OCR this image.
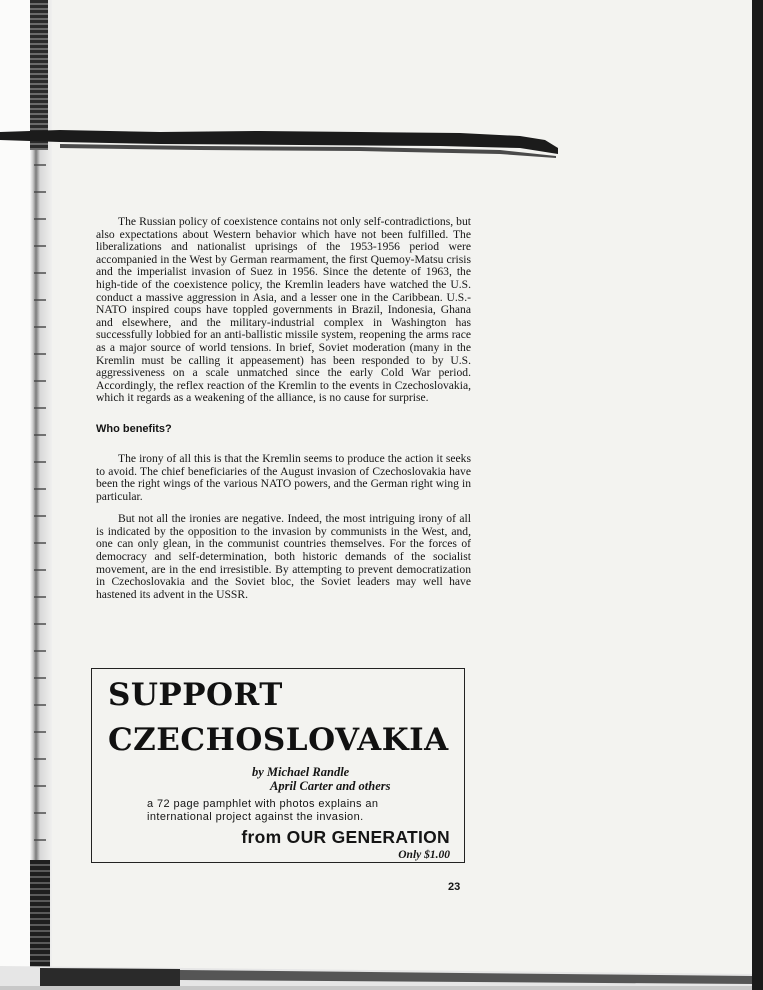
The Russian policy of coexistence contains not only self-contradictions, but also expectations about Western behavior which have not been fulfilled. The liberalizations and nationalist uprisings of the 1953-1956 period were accompanied in the West by German rearmament, the first Quemoy-Matsu crisis and the imperialist invasion of Suez in 1956. Since the detente of 1963, the high-tide of the coexistence policy, the Kremlin leaders have watched the U.S. conduct a massive aggression in Asia, and a lesser one in the Caribbean. U.S.-NATO inspired coups have toppled governments in Brazil, Indonesia, Ghana and elsewhere, and the military-industrial complex in Washington has successfully lobbied for an anti-ballistic missile system, reopening the arms race as a major source of world tensions. In brief, Soviet moderation (many in the Kremlin must be calling it appeasement) has been responded to by U.S. aggressiveness on a scale unmatched since the early Cold War period. Accordingly, the reflex reaction of the Kremlin to the events in Czechoslovakia, which it regards as a weakening of the alliance, is no cause for surprise.

Who benefits?

The irony of all this is that the Kremlin seems to produce the action it seeks to avoid. The chief beneficiaries of the August invasion of Czechoslovakia have been the right wings of the various NATO powers, and the German right wing in particular.

But not all the ironies are negative. Indeed, the most intriguing irony of all is indicated by the opposition to the invasion by communists in the West, and, one can only glean, in the communist countries themselves. For the forces of democracy and self-determination, both historic demands of the socialist movement, are in the end irresistible. By attempting to prevent democratization in Czechoslovakia and the Soviet bloc, the Soviet leaders may well have hastened its advent in the USSR.

SUPPORT
CZECHOSLOVAKIA
by Michael Randle
April Carter and others
a 72 page pamphlet with photos explains an international project against the invasion.
from OUR GENERATION
Only $1.00
23
